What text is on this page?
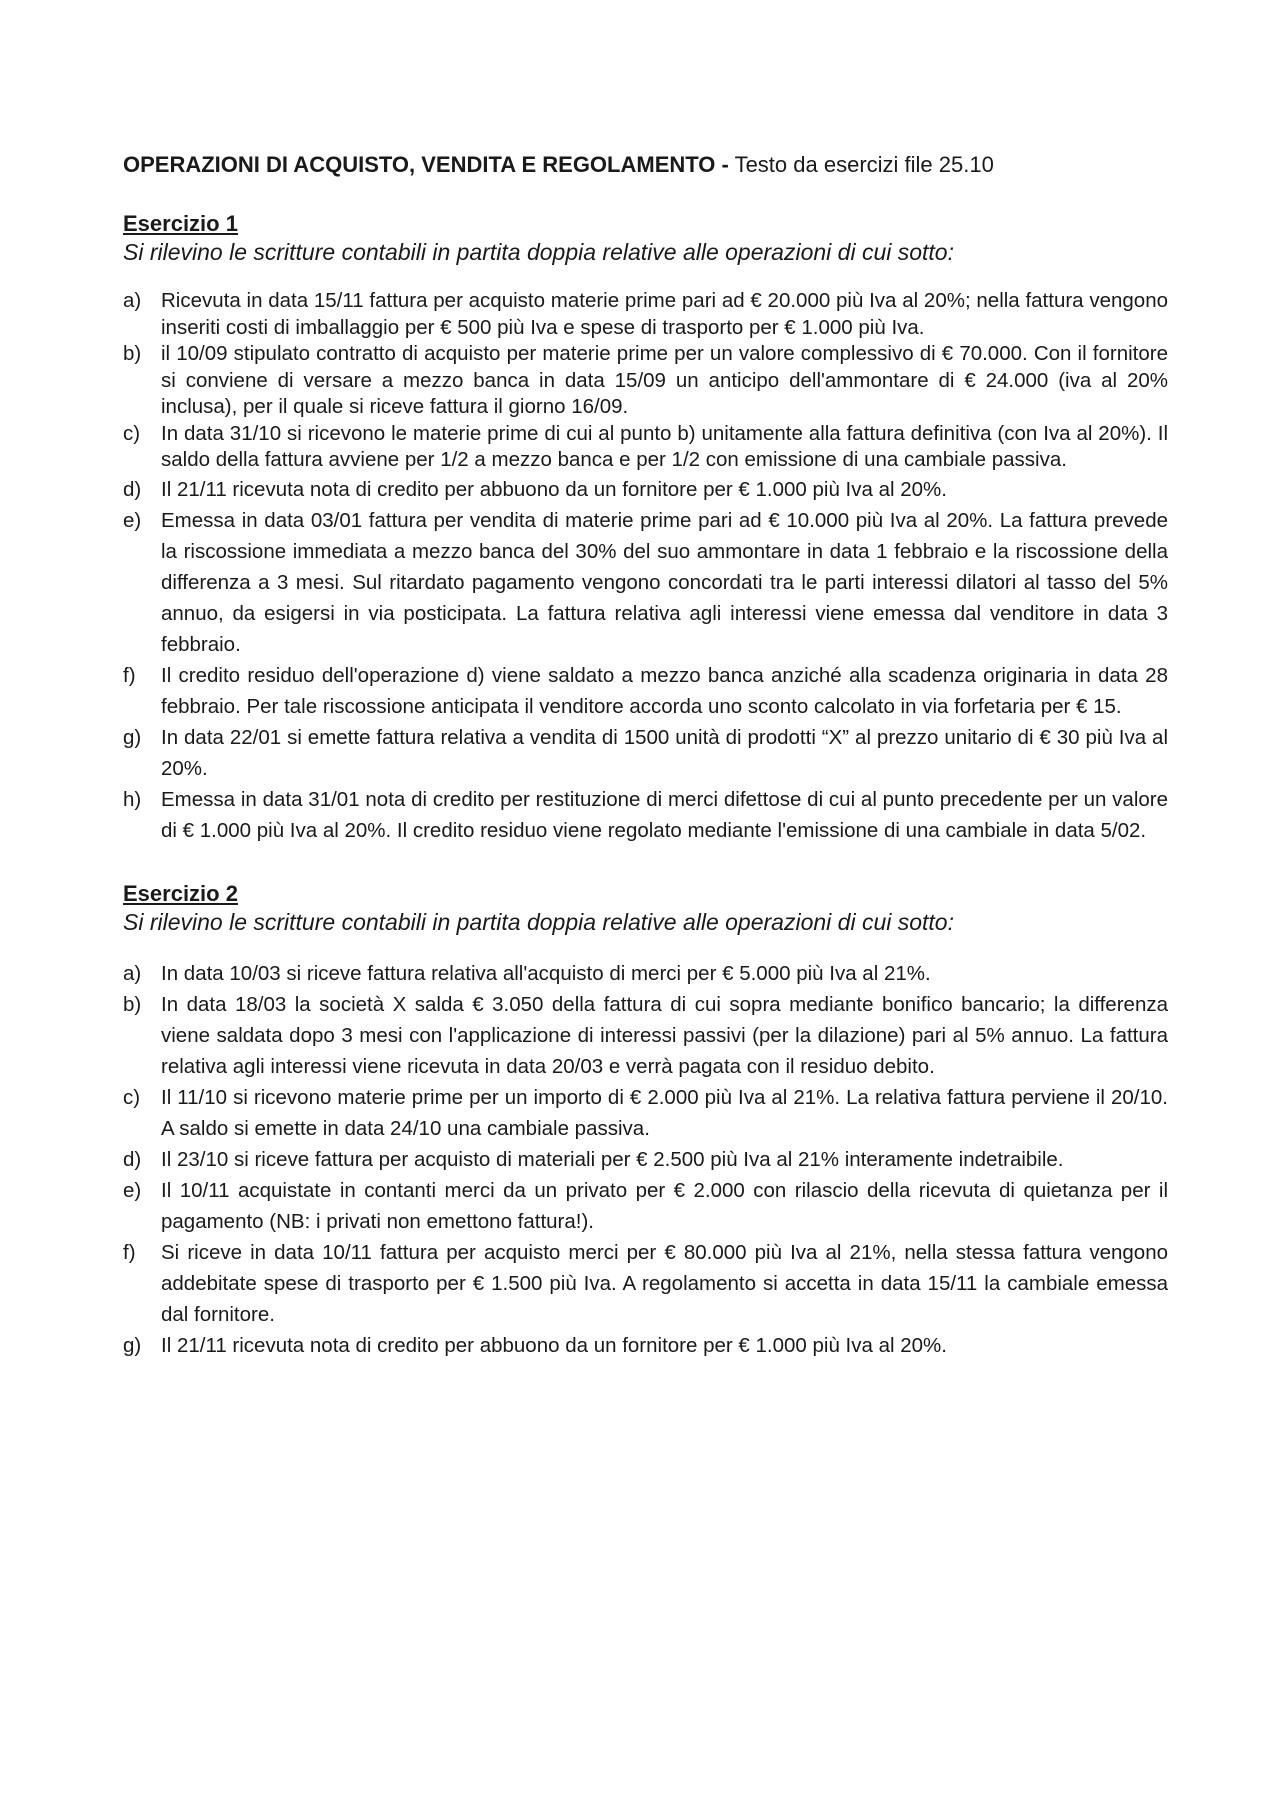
OPERAZIONI DI ACQUISTO, VENDITA E REGOLAMENTO - Testo da esercizi file 25.10

Esercizio 1

Si rilevino le scritture contabili in partita doppia relative alle operazioni di cui sotto:

a) Ricevuta in data 15/11 fattura per acquisto materie prime pari ad € 20.000 più Iva al 20%; nella fattura vengono inseriti costi di imballaggio per € 500 più Iva e spese di trasporto per € 1.000 più Iva.
b) il 10/09 stipulato contratto di acquisto per materie prime per un valore complessivo di € 70.000. Con il fornitore si conviene di versare a mezzo banca in data 15/09 un anticipo dell'ammontare di € 24.000 (iva al 20% inclusa), per il quale si riceve fattura il giorno 16/09.
c) In data 31/10 si ricevono le materie prime di cui al punto b) unitamente alla fattura definitiva (con Iva al 20%). Il saldo della fattura avviene per 1/2 a mezzo banca e per 1/2 con emissione di una cambiale passiva.
d) Il 21/11 ricevuta nota di credito per abbuono da un fornitore per € 1.000 più Iva al 20%.
e) Emessa in data 03/01 fattura per vendita di materie prime pari ad € 10.000 più Iva al 20%. La fattura prevede la riscossione immediata a mezzo banca del 30% del suo ammontare in data 1 febbraio e la riscossione della differenza a 3 mesi. Sul ritardato pagamento vengono concordati tra le parti interessi dilatori al tasso del 5% annuo, da esigersi in via posticipata. La fattura relativa agli interessi viene emessa dal venditore in data 3 febbraio.
f) Il credito residuo dell'operazione d) viene saldato a mezzo banca anziché alla scadenza originaria in data 28 febbraio. Per tale riscossione anticipata il venditore accorda uno sconto calcolato in via forfetaria per € 15.
g) In data 22/01 si emette fattura relativa a vendita di 1500 unità di prodotti “X” al prezzo unitario di € 30 più Iva al 20%.
h) Emessa in data 31/01 nota di credito per restituzione di merci difettose di cui al punto precedente per un valore di € 1.000 più Iva al 20%. Il credito residuo viene regolato mediante l'emissione di una cambiale in data 5/02.

Esercizio 2

Si rilevino le scritture contabili in partita doppia relative alle operazioni di cui sotto:

a) In data 10/03 si riceve fattura relativa all'acquisto di merci per € 5.000 più Iva al 21%.
b) In data 18/03 la società X salda € 3.050 della fattura di cui sopra mediante bonifico bancario; la differenza viene saldata dopo 3 mesi con l'applicazione di interessi passivi (per la dilazione) pari al 5% annuo. La fattura relativa agli interessi viene ricevuta in data 20/03 e verrà pagata con il residuo debito.
c) Il 11/10 si ricevono materie prime per un importo di € 2.000 più Iva al 21%. La relativa fattura perviene il 20/10. A saldo si emette in data 24/10 una cambiale passiva.
d) Il 23/10 si riceve fattura per acquisto di materiali per € 2.500 più Iva al 21% interamente indetraibile.
e) Il 10/11 acquistate in contanti merci da un privato per € 2.000 con rilascio della ricevuta di quietanza per il pagamento (NB: i privati non emettono fattura!).
f) Si riceve in data 10/11 fattura per acquisto merci per € 80.000 più Iva al 21%, nella stessa fattura vengono addebitate spese di trasporto per € 1.500 più Iva. A regolamento si accetta in data 15/11 la cambiale emessa dal fornitore.
g) Il 21/11 ricevuta nota di credito per abbuono da un fornitore per € 1.000 più Iva al 20%.
